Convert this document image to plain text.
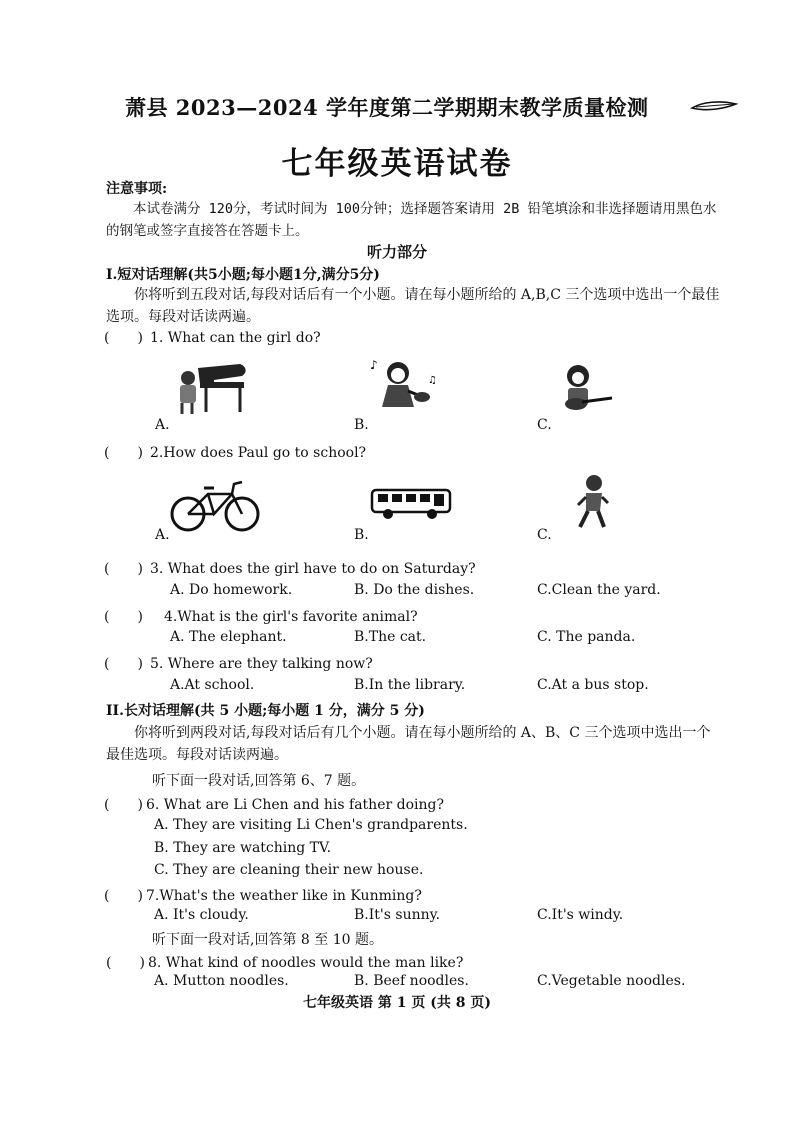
萧县 2023—2024 学年度第二学期期末教学质量检测
七年级英语试卷
注意事项:
本试卷满分 120分，考试时间为 100分钟；选择题答案请用 2B 铅笔填涂和非选择题请用黑色水的钢笔或签字直接答在答题卡上。
听力部分
I.短对话理解(共5小题;每小题1分,满分5分)
你将听到五段对话,每段对话后有一个小题。请在每小题所给的 A,B,C 三个选项中选出一个最佳选项。每段对话读两遍。
(　　) 1. What can the girl do?
A.
♪
♫
B.	C.
(　　) 2.How does Paul go to school?
A.	B.	C.
(　　) 3. What does the girl have to do on Saturday?
A. Do homework.	B. Do the dishes.	C.Clean the yard.
(　　) 4.What is the girl's favorite animal?
A. The elephant.	B.The cat.	C. The panda.
(　　) 5. Where are they talking now?
A.At school.	B.In the library.	C.At a bus stop.
II.长对话理解(共 5 小题;每小题 1 分，满分 5 分)
你将听到两段对话,每段对话后有几个小题。请在每小题所给的 A、B、C 三个选项中选出一个最佳选项。每段对话读两遍。
听下面一段对话,回答第 6、7 题。
(　　) 6. What are Li Chen and his father doing?
A. They are visiting Li Chen's grandparents.
B. They are watching TV.
C. They are cleaning their new house.
(　　) 7.What's the weather like in Kunming?
A. It's cloudy.	B.It's sunny.	C.It's windy.
听下面一段对话,回答第 8 至 10 题。
(　　) 8. What kind of noodles would the man like?
A. Mutton noodles.	B. Beef noodles.	C.Vegetable noodles.
七年级英语 第 1 页 (共 8 页)
